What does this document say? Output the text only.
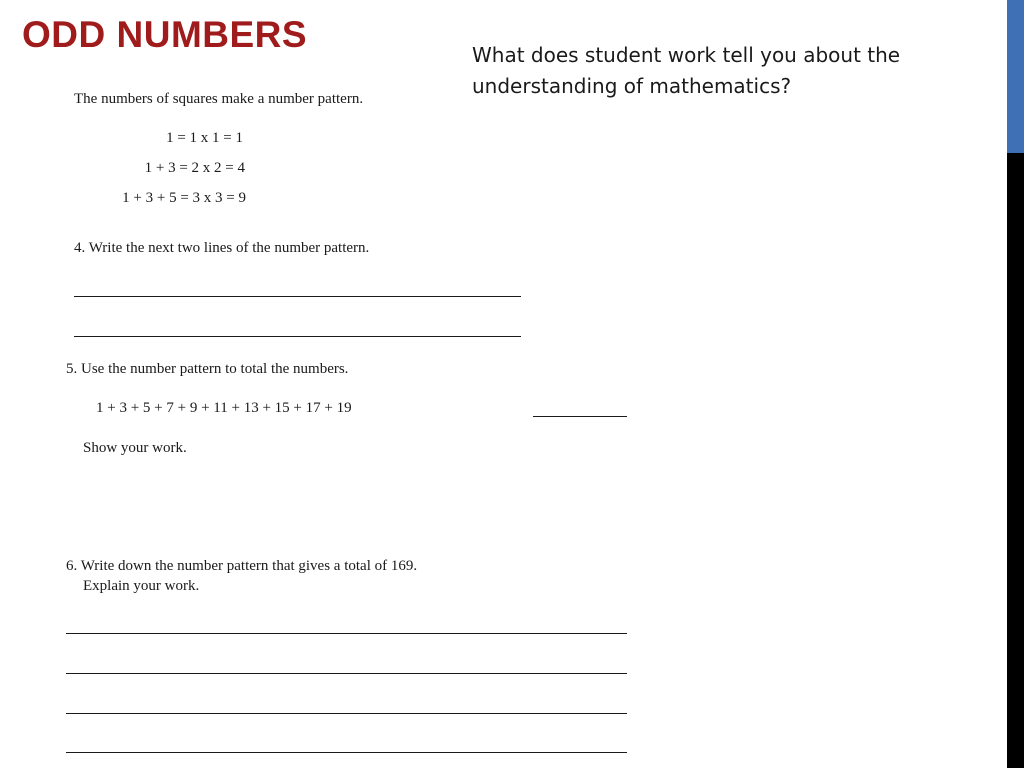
ODD NUMBERS	What does student work tell you about the understanding of mathematics?

The numbers of squares make a number pattern.

1 = 1 x 1 = 1
1 + 3 = 2 x 2 = 4
1 + 3 + 5 = 3 x 3 = 9

4. Write the next two lines of the number pattern.

5. Use the number pattern to total the numbers.

1 + 3 + 5 + 7 + 9 + 11 + 13 + 15 + 17 + 19

Show your work.

6. Write down the number pattern that gives a total of 169.

Explain your work.
